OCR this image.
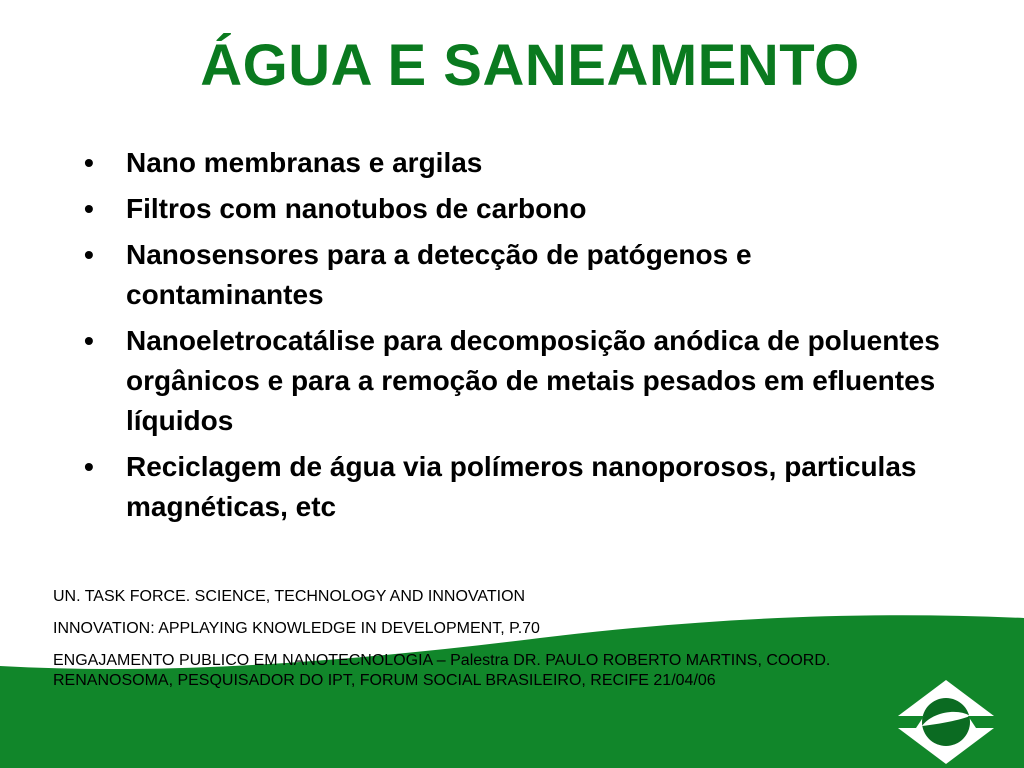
ÁGUA E SANEAMENTO
•	Nano membranas e argilas
•	Filtros com nanotubos de carbono
•	Nanosensores para a detecção de patógenos e contaminantes
•	Nanoeletrocatálise para decomposição anódica de poluentes orgânicos e para a remoção de metais pesados em efluentes líquidos
•	Reciclagem de água via polímeros nanoporosos, particulas magnéticas, etc
UN. TASK FORCE. SCIENCE, TECHNOLOGY AND INNOVATION
INNOVATION: APPLAYING KNOWLEDGE IN DEVELOPMENT, P.70
ENGAJAMENTO PUBLICO EM NANOTECNOLOGIA – Palestra DR. PAULO ROBERTO MARTINS, COORD. RENANOSOMA, PESQUISADOR DO IPT, FORUM SOCIAL BRASILEIRO, RECIFE 21/04/06
